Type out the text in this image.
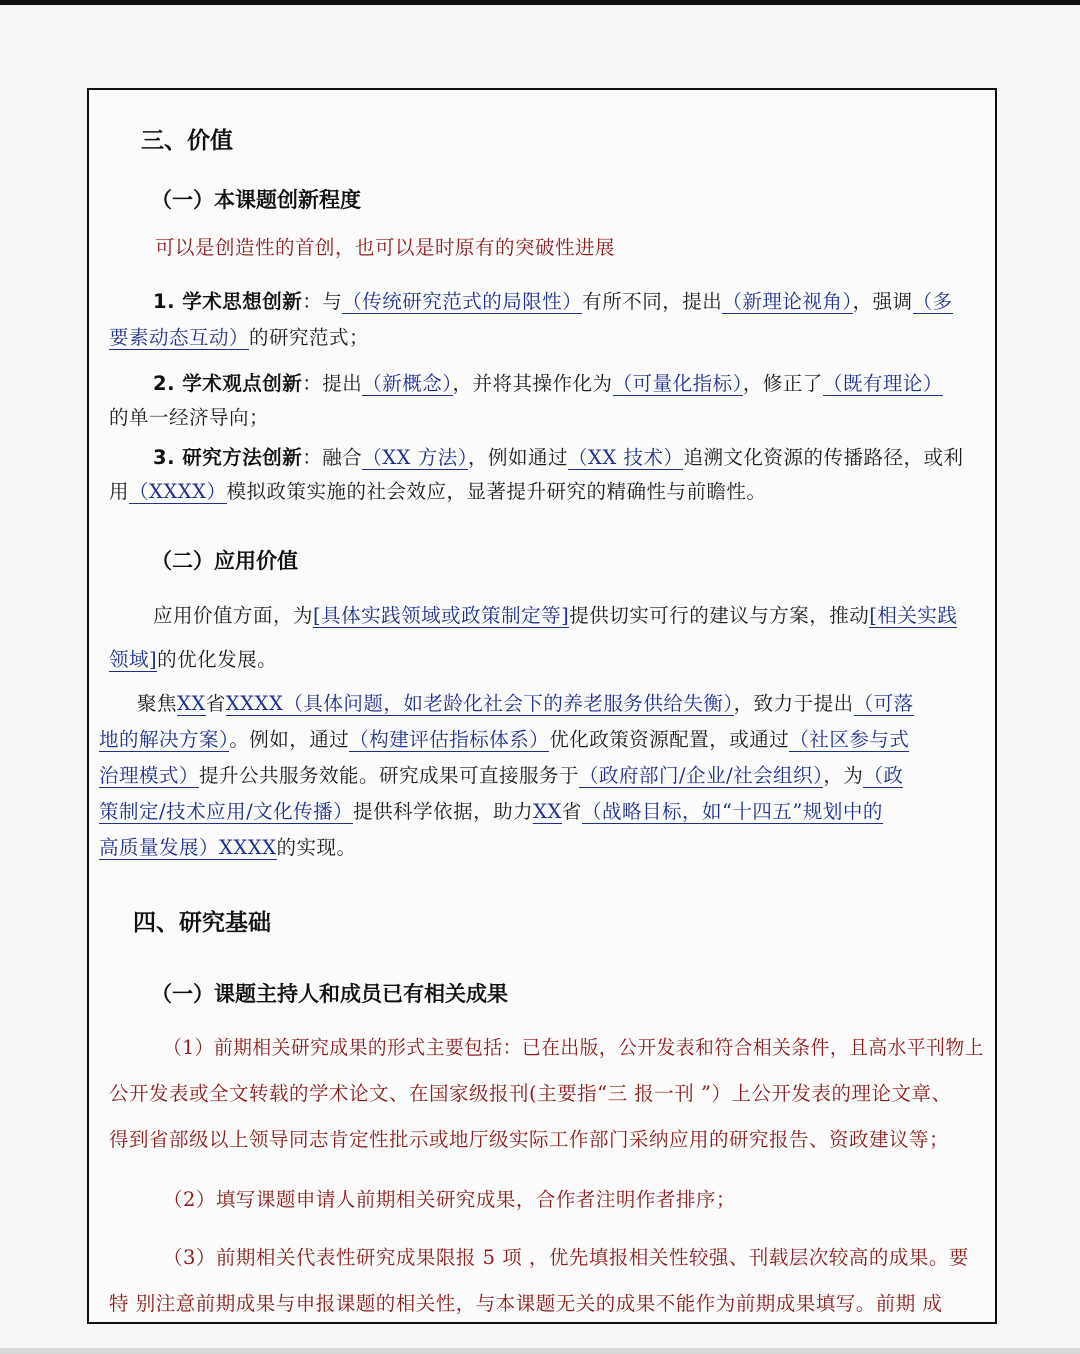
三、价值
（一）本课题创新程度
可以是创造性的首创，也可以是时原有的突破性进展
1. 学术思想创新：与（传统研究范式的局限性）有所不同，提出（新理论视角），强调（多
要素动态互动）的研究范式；
2. 学术观点创新：提出（新概念），并将其操作化为（可量化指标），修正了（既有理论）
的单一经济导向；
3. 研究方法创新：融合（XX 方法），例如通过（XX 技术）追溯文化资源的传播路径，或利
用（XXXX）模拟政策实施的社会效应，显著提升研究的精确性与前瞻性。
（二）应用价值
应用价值方面，为[具体实践领域或政策制定等]提供切实可行的建议与方案，推动[相关实践
领域]的优化发展。
聚焦XX省XXXX（具体问题，如老龄化社会下的养老服务供给失衡），致力于提出（可落
地的解决方案）。例如，通过（构建评估指标体系）优化政策资源配置，或通过（社区参与式
治理模式）提升公共服务效能。研究成果可直接服务于（政府部门/企业/社会组织），为（政
策制定/技术应用/文化传播）提供科学依据，助力XX省（战略目标，如“十四五”规划中的
高质量发展）XXXX的实现。
四、研究基础
（一）课题主持人和成员已有相关成果
（1）前期相关研究成果的形式主要包括：已在出版，公开发表和符合相关条件，且高水平刊物上
公开发表或全文转载的学术论文、在国家级报刊(主要指“三 报一刊 ”）上公开发表的理论文章、
得到省部级以上领导同志肯定性批示或地厅级实际工作部门采纳应用的研究报告、资政建议等；
（2）填写课题申请人前期相关研究成果，合作者注明作者排序；
（3）前期相关代表性研究成果限报 5 项 ，优先填报相关性较强、刊载层次较高的成果。要
特 别注意前期成果与申报课题的相关性，与本课题无关的成果不能作为前期成果填写。前期 成
